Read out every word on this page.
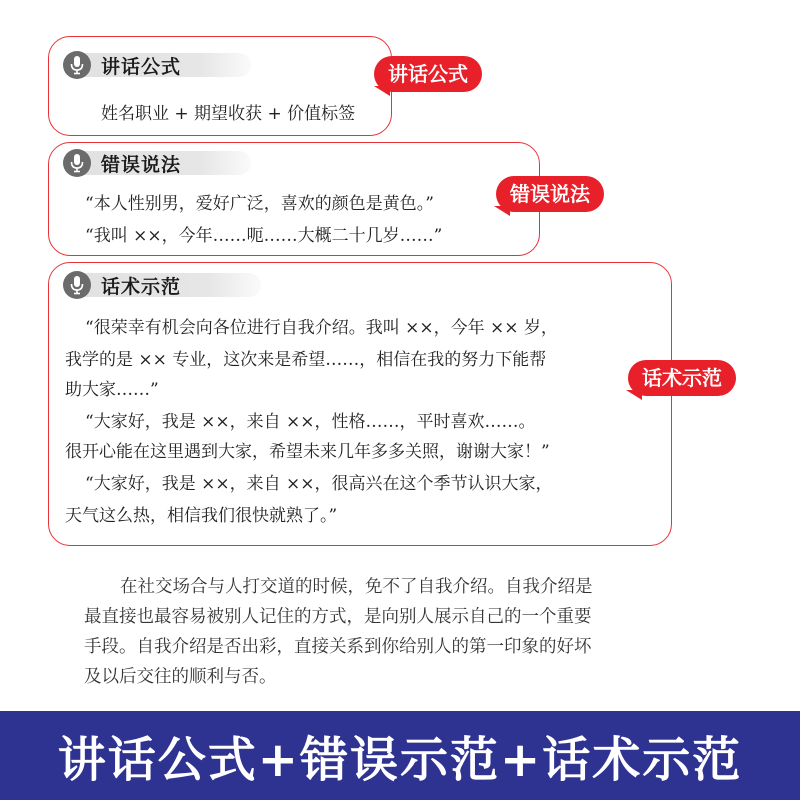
讲话公式
姓名职业 + 期望收获 + 价值标签
讲话公式
错误说法
“本人性别男，爱好广泛，喜欢的颜色是黄色。”
“我叫 ××，今年……呃……大概二十几岁……”
错误说法
话术示范
“很荣幸有机会向各位进行自我介绍。我叫 ××，今年 ×× 岁，
我学的是 ×× 专业，这次来是希望……，相信在我的努力下能帮
助大家……”
“大家好，我是 ××，来自 ××，性格……，平时喜欢……。
很开心能在这里遇到大家，希望未来几年多多关照，谢谢大家！”
“大家好，我是 ××，来自 ××，很高兴在这个季节认识大家，
天气这么热，相信我们很快就熟了。”
话术示范

在社交场合与人打交道的时候，免不了自我介绍。自我介绍是

最直接也最容易被别人记住的方式，是向别人展示自己的一个重要

手段。自我介绍是否出彩，直接关系到你给别人的第一印象的好坏

及以后交往的顺利与否。

讲话公式+错误示范+话术示范
